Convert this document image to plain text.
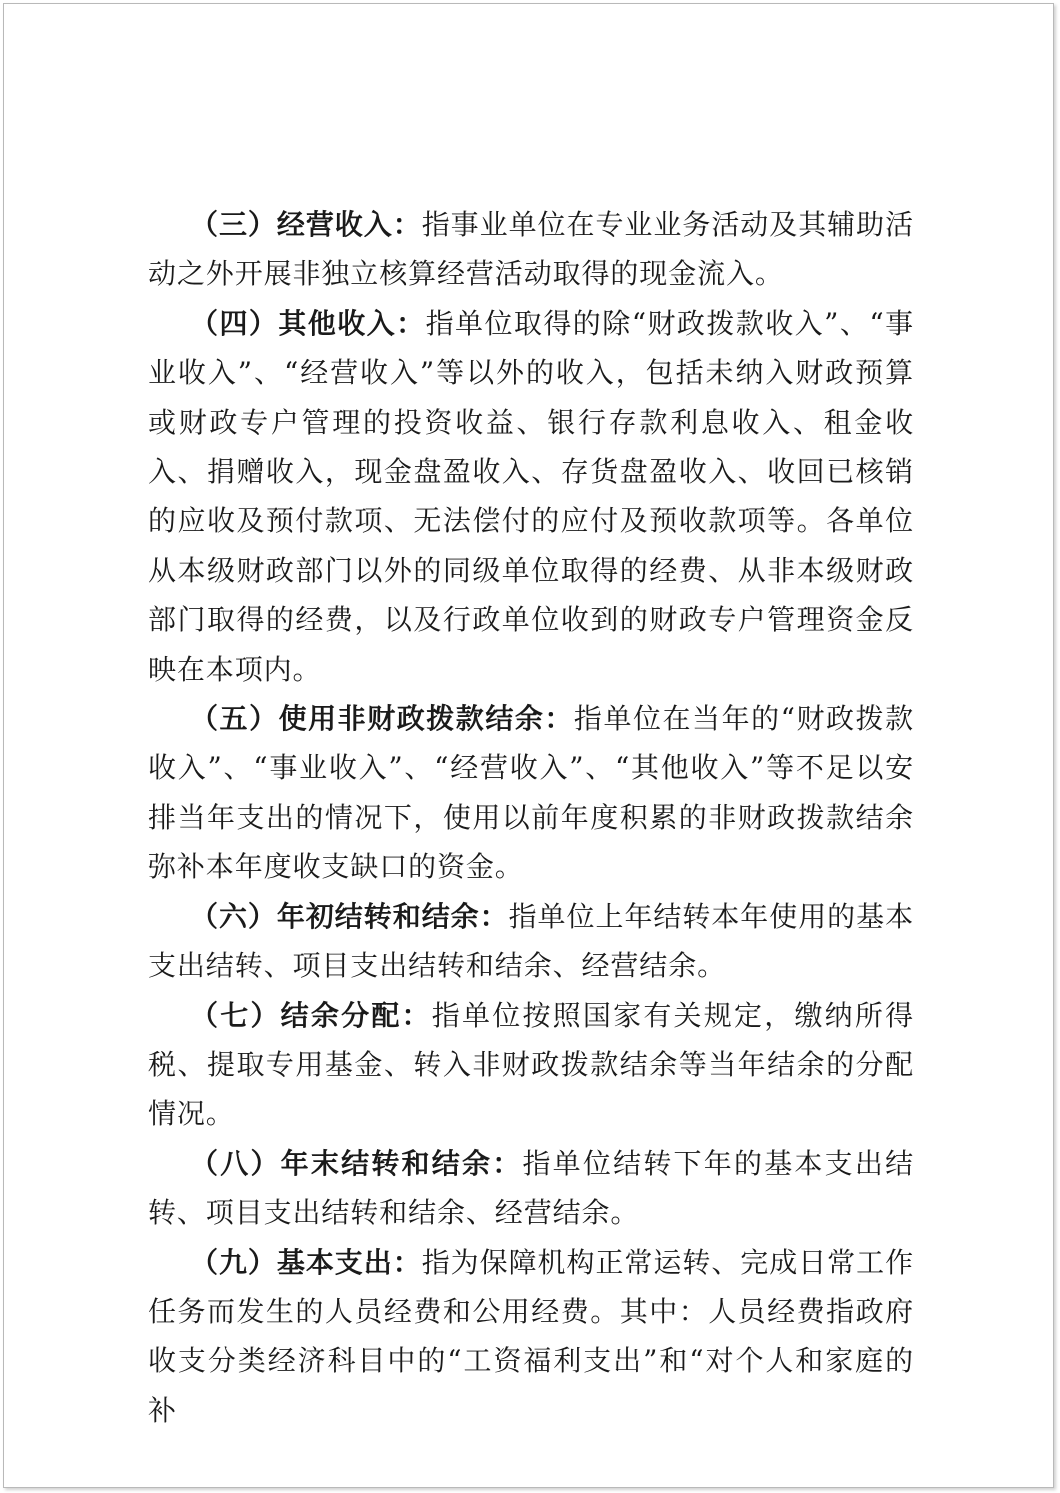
（三）经营收入：指事业单位在专业业务活动及其辅助活动之外开展非独立核算经营活动取得的现金流入。

（四）其他收入：指单位取得的除“财政拨款收入”、“事业收入”、“经营收入”等以外的收入，包括未纳入财政预算或财政专户管理的投资收益、银行存款利息收入、租金收入、捐赠收入，现金盘盈收入、存货盘盈收入、收回已核销的应收及预付款项、无法偿付的应付及预收款项等。各单位从本级财政部门以外的同级单位取得的经费、从非本级财政部门取得的经费，以及行政单位收到的财政专户管理资金反映在本项内。

（五）使用非财政拨款结余：指单位在当年的“财政拨款收入”、“事业收入”、“经营收入”、“其他收入”等不足以安排当年支出的情况下，使用以前年度积累的非财政拨款结余弥补本年度收支缺口的资金。

（六）年初结转和结余：指单位上年结转本年使用的基本支出结转、项目支出结转和结余、经营结余。

（七）结余分配：指单位按照国家有关规定，缴纳所得税、提取专用基金、转入非财政拨款结余等当年结余的分配情况。

（八）年末结转和结余：指单位结转下年的基本支出结转、项目支出结转和结余、经营结余。

（九）基本支出：指为保障机构正常运转、完成日常工作任务而发生的人员经费和公用经费。其中：人员经费指政府收支分类经济科目中的“工资福利支出”和“对个人和家庭的补
